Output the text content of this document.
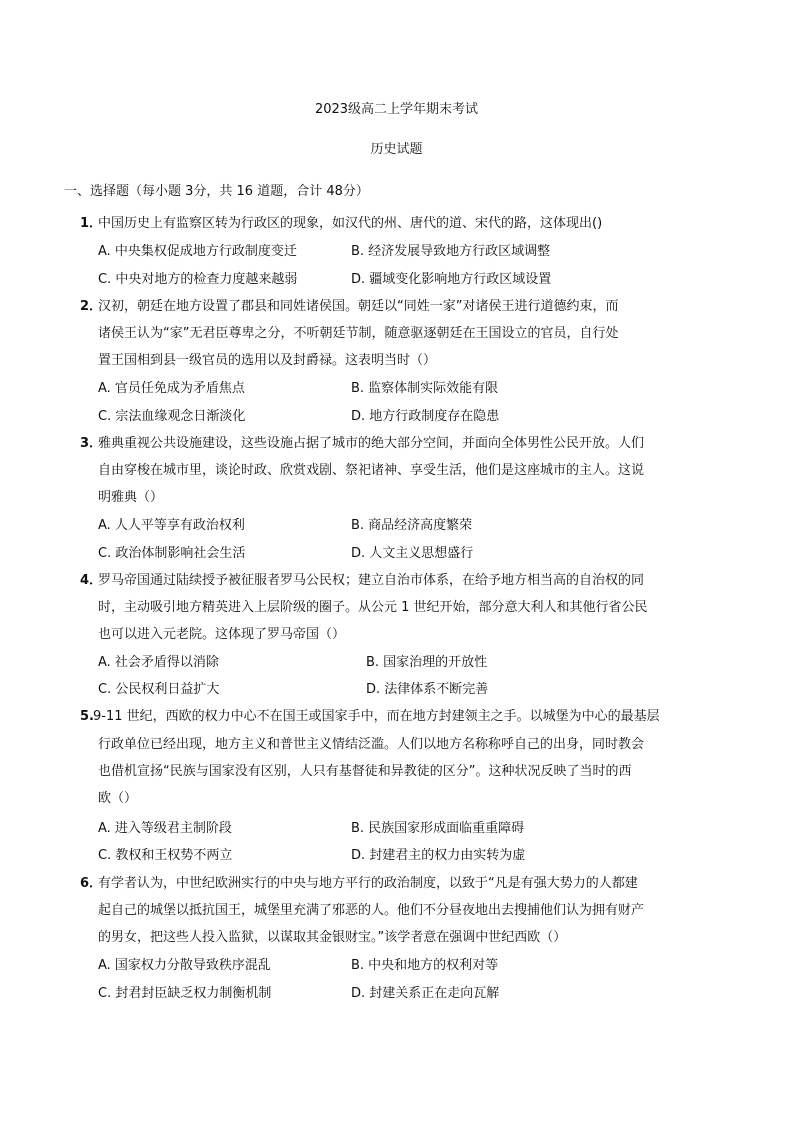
2023级高二上学年期末考试
历史试题
一、选择题（每小题 3分，共 16 道题，合计 48分）
1．
中国历史上有监察区转为行政区的现象，如汉代的州、唐代的道、宋代的路，这体现出()
A. 中央集权促成地方行政制度变迁	B. 经济发展导致地方行政区域调整
C. 中央对地方的检查力度越来越弱	D. 疆域变化影响地方行政区域设置
2．
汉初，朝廷在地方设置了郡县和同姓诸侯国。朝廷以“同姓一家”对诸侯王进行道德约束，而
诸侯王认为“家”无君臣尊卑之分，不听朝廷节制，随意驱逐朝廷在王国设立的官员，自行处
置王国相到县一级官员的选用以及封爵禄。这表明当时（）
A. 官员任免成为矛盾焦点	B. 监察体制实际效能有限
C. 宗法血缘观念日渐淡化	D. 地方行政制度存在隐患
3．
雅典重视公共设施建设，这些设施占据了城市的绝大部分空间，并面向全体男性公民开放。人们
自由穿梭在城市里，谈论时政、欣赏戏剧、祭祀诸神、享受生活，他们是这座城市的主人。这说
明雅典（）
A. 人人平等享有政治权利	B. 商品经济高度繁荣
C. 政治体制影响社会生活	D. 人文主义思想盛行
4．
罗马帝国通过陆续授予被征服者罗马公民权；建立自治市体系，在给予地方相当高的自治权的同
时，主动吸引地方精英进入上层阶级的圈子。从公元 1 世纪开始，部分意大利人和其他行省公民
也可以进入元老院。这体现了罗马帝国（）
A. 社会矛盾得以消除	B. 国家治理的开放性
C. 公民权利日益扩大	D. 法律体系不断完善
5. 9-11 世纪，西欧的权力中心不在国王或国家手中，而在地方封建领主之手。以城堡为中心的最基层
行政单位已经出现，地方主义和普世主义情结泛滥。人们以地方名称称呼自己的出身，同时教会
也借机宣扬“民族与国家没有区别，人只有基督徒和异教徒的区分”。这种状况反映了当时的西
欧（）
A. 进入等级君主制阶段	B. 民族国家形成面临重重障碍
C. 教权和王权势不两立	D. 封建君主的权力由实转为虚
6．
有学者认为，中世纪欧洲实行的中央与地方平行的政治制度，以致于“凡是有强大势力的人都建
起自己的城堡以抵抗国王，城堡里充满了邪恶的人。他们不分昼夜地出去搜捕他们认为拥有财产
的男女，把这些人投入监狱，以谋取其金银财宝。”该学者意在强调中世纪西欧（）
A. 国家权力分散导致秩序混乱	B. 中央和地方的权利对等
C. 封君封臣缺乏权力制衡机制	D. 封建关系正在走向瓦解
